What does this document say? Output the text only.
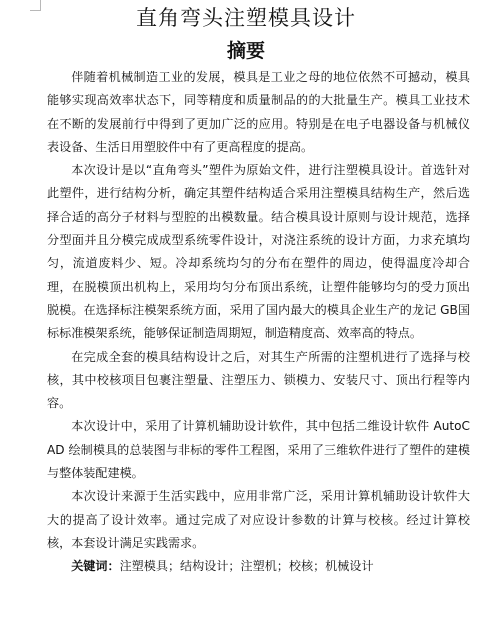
直角弯头注塑模具设计
摘要

伴随着机械制造工业的发展，模具是工业之母的地位依然不可撼动，模具能够实现高效率状态下，同等精度和质量制品的的大批量生产。模具工业技术在不断的发展前行中得到了更加广泛的应用。特别是在电子电器设备与机械仪表设备、生活日用塑胶件中有了更高程度的提高。

本次设计是以“直角弯头”塑件为原始文件，进行注塑模具设计。首选针对此塑件，进行结构分析，确定其塑件结构适合采用注塑模具结构生产，然后选择合适的高分子材料与型腔的出模数量。结合模具设计原则与设计规范，选择分型面并且分模完成成型系统零件设计，对浇注系统的设计方面，力求充填均匀，流道废料少、短。冷却系统均匀的分布在塑件的周边，使得温度冷却合理，在脱模顶出机构上，采用均匀分布顶出系统，让塑件能够均匀的受力顶出脱模。在选择标注模架系统方面，采用了国内最大的模具企业生产的龙记 GB国标标准模架系统，能够保证制造周期短，制造精度高、效率高的特点。

在完成全套的模具结构设计之后，对其生产所需的注塑机进行了选择与校核，其中校核项目包裹注塑量、注塑压力、锁模力、安装尺寸、顶出行程等内容。

本次设计中，采用了计算机辅助设计软件，其中包括二维设计软件 AutoCAD 绘制模具的总装图与非标的零件工程图，采用了三维软件进行了塑件的建模与整体装配建模。

本次设计来源于生活实践中，应用非常广泛，采用计算机辅助设计软件大大的提高了设计效率。通过完成了对应设计参数的计算与校核。经过计算校核，本套设计满足实践需求。

关键词：注塑模具；结构设计；注塑机；校核；机械设计
